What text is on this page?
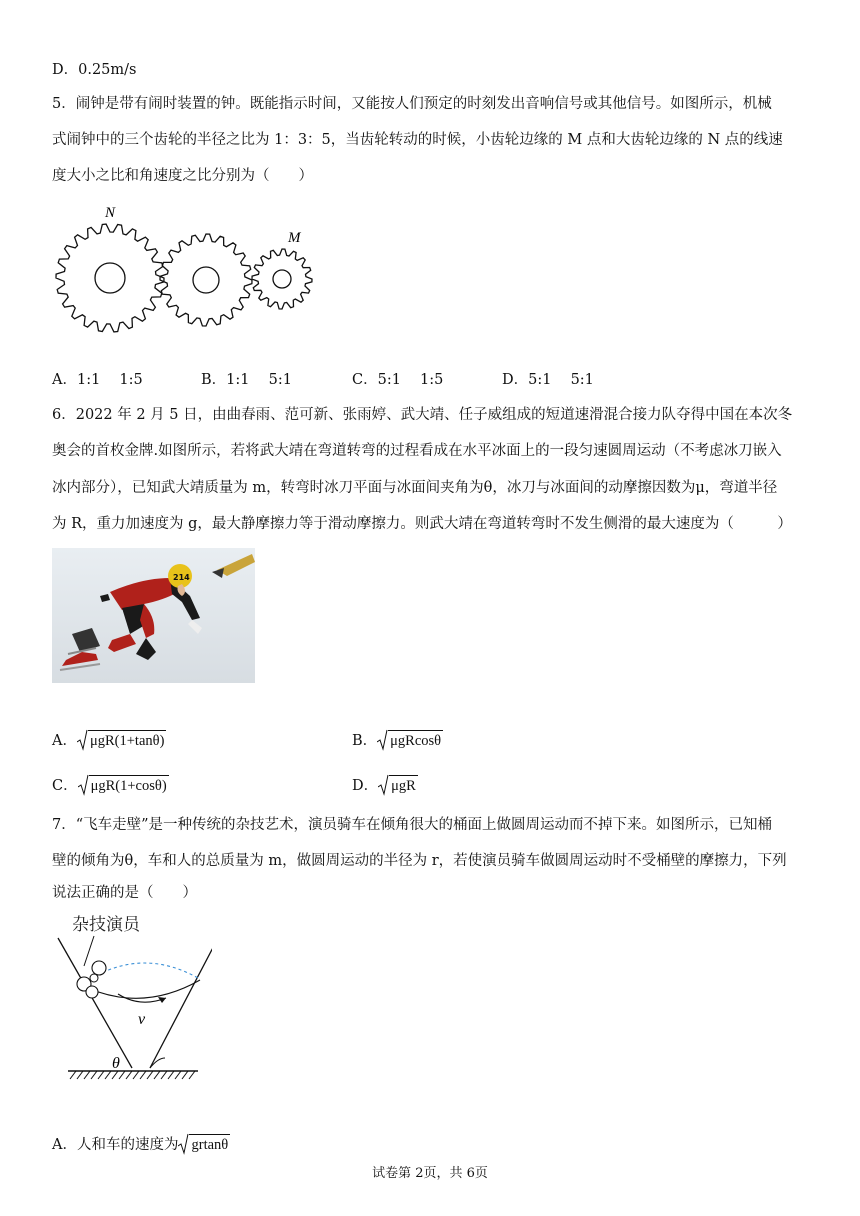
D．0.25m/s
5．闹钟是带有闹时装置的钟。既能指示时间，又能按人们预定的时刻发出音响信号或其他信号。如图所示，机械
式闹钟中的三个齿轮的半径之比为 1：3：5，当齿轮转动的时候，小齿轮边缘的 M 点和大齿轮边缘的 N 点的线速
度大小之比和角速度之比分别为（　　）
N
M
A．1:1　 1:5	B．1:1　 5:1	C．5:1　 1:5	D．5:1　 5:1
6．2022 年 2 月 5 日，由曲春雨、范可新、张雨婷、武大靖、任子威组成的短道速滑混合接力队夺得中国在本次冬
奥会的首枚金牌.如图所示，若将武大靖在弯道转弯的过程看成在水平冰面上的一段匀速圆周运动（不考虑冰刀嵌入
冰内部分），已知武大靖质量为 m，转弯时冰刀平面与冰面间夹角为θ，冰刀与冰面间的动摩擦因数为μ，弯道半径
为 R，重力加速度为 g，最大静摩擦力等于滑动摩擦力。则武大靖在弯道转弯时不发生侧滑的最大速度为（　　　）
214
A． μgR(1+tanθ)	B． μgRcosθ
C． μgR(1+cosθ)	D． μgR
7．“飞车走壁”是一种传统的杂技艺术，演员骑车在倾角很大的桶面上做圆周运动而不掉下来。如图所示，已知桶
壁的倾角为θ，车和人的总质量为 m，做圆周运动的半径为 r，若使演员骑车做圆周运动时不受桶壁的摩擦力，下列
说法正确的是（　　）
杂技演员
v
θ
A．人和车的速度为 grtanθ
试卷第 2页，共 6页
